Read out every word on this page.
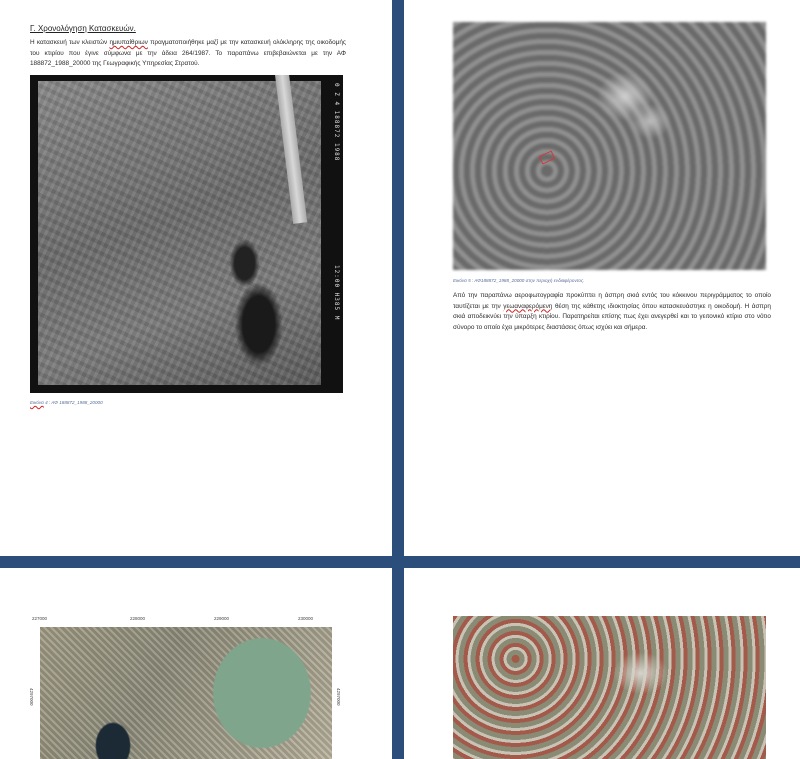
Γ. Χρονολόγηση Κατασκευών.
Η κατασκευή των κλειστών ημιυπαίθριων πραγματοποιήθηκε μαζί με την κατασκευή ολόκληρης της οικοδομής του κτιρίου που έγινε σύμφωνα με την άδεια 264/1987. Το παραπάνω επιβεβαιώνεται με την ΑΦ 188872_1988_20000 της Γεωγραφικής Υπηρεσίας Στρατού.
0 Z 4 188872 1988
12:00 H385 M
Εικόνα 4 : ΑΦ 188872_1988_20000
Εικόνα 5 : ΑΦ188872_1988_20000 στην περιοχή ενδιαφέροντος.
Από την παραπάνω αεροφωτογραφία προκύπτει η άσπρη σκιά εντός του κόκκινου περιγράμματος το οποίο ταυτίζεται με την γεωαναφερόμενη θέση της κάθετης ιδιοκτησίας όπου κατασκευάστηκε η οικοδομή. Η άσπρη σκιά αποδεικνύει την ύπαρξη κτιρίου. Παρατηρείται επίσης πως έχει ανεγερθεί και το γειτονικό κτίριο στο νότιο σύνορο το οποίο έχει μικρότερες διαστάσεις όπως ισχύει και σήμερα.
227000	228000	229000	230000
4297000	4297000
